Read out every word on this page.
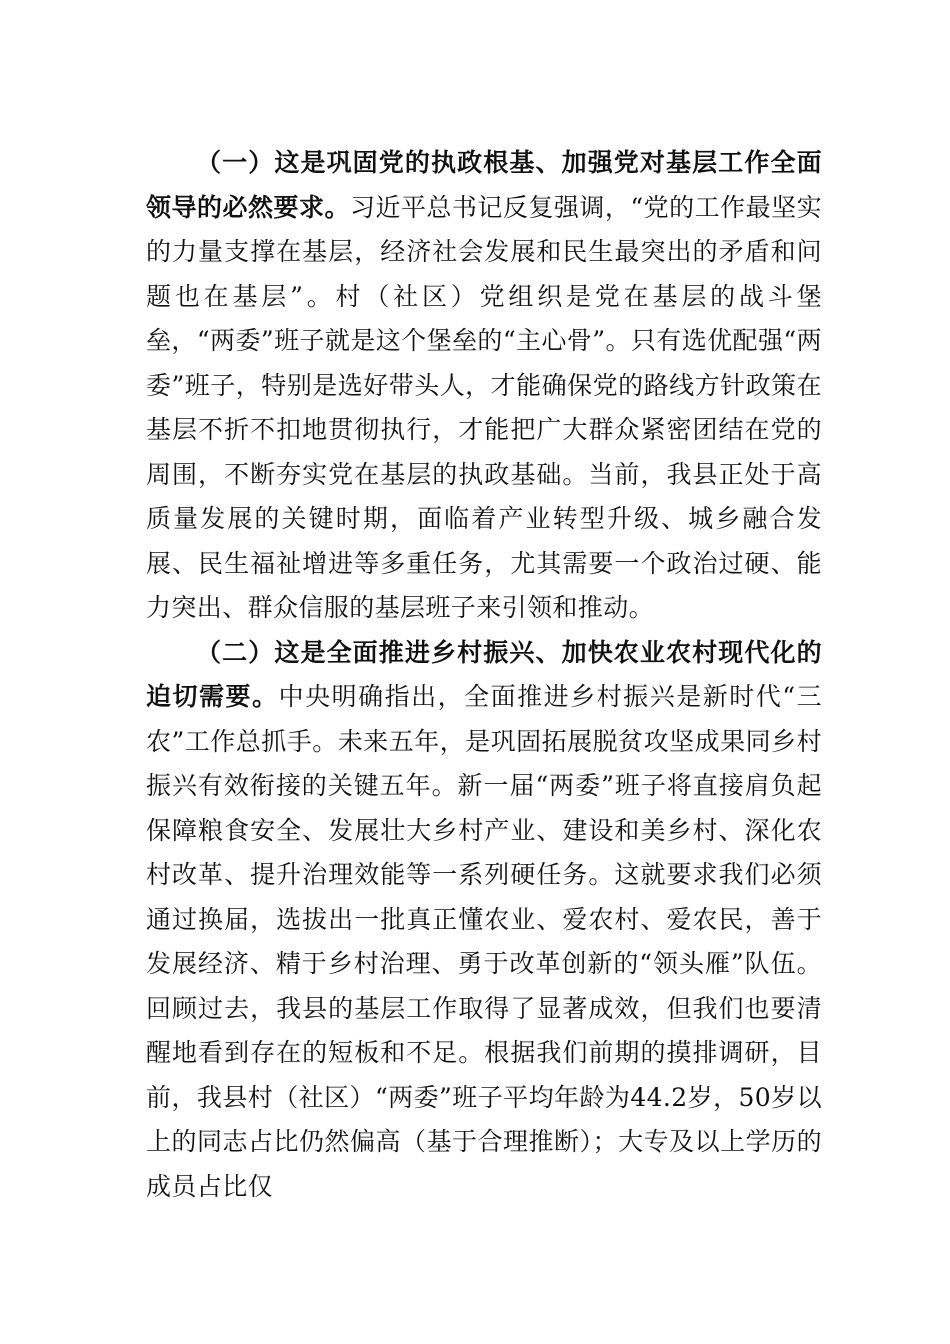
（一）这是巩固党的执政根基、加强党对基层工作全面领导的必然要求。习近平总书记反复强调，“党的工作最坚实的力量支撑在基层，经济社会发展和民生最突出的矛盾和问题也在基层”。村（社区）党组织是党在基层的战斗堡垒，“两委”班子就是这个堡垒的“主心骨”。只有选优配强“两委”班子，特别是选好带头人，才能确保党的路线方针政策在基层不折不扣地贯彻执行，才能把广大群众紧密团结在党的周围，不断夯实党在基层的执政基础。当前，我县正处于高质量发展的关键时期，面临着产业转型升级、城乡融合发展、民生福祉增进等多重任务，尤其需要一个政治过硬、能力突出、群众信服的基层班子来引领和推动。

（二）这是全面推进乡村振兴、加快农业农村现代化的迫切需要。中央明确指出，全面推进乡村振兴是新时代“三农”工作总抓手。未来五年，是巩固拓展脱贫攻坚成果同乡村振兴有效衔接的关键五年。新一届“两委”班子将直接肩负起保障粮食安全、发展壮大乡村产业、建设和美乡村、深化农村改革、提升治理效能等一系列硬任务。这就要求我们必须通过换届，选拔出一批真正懂农业、爱农村、爱农民，善于发展经济、精于乡村治理、勇于改革创新的“领头雁”队伍。回顾过去，我县的基层工作取得了显著成效，但我们也要清醒地看到存在的短板和不足。根据我们前期的摸排调研，目前，我县村（社区）“两委”班子平均年龄为44.2岁，50岁以上的同志占比仍然偏高（基于合理推断）；大专及以上学历的成员占比仅
